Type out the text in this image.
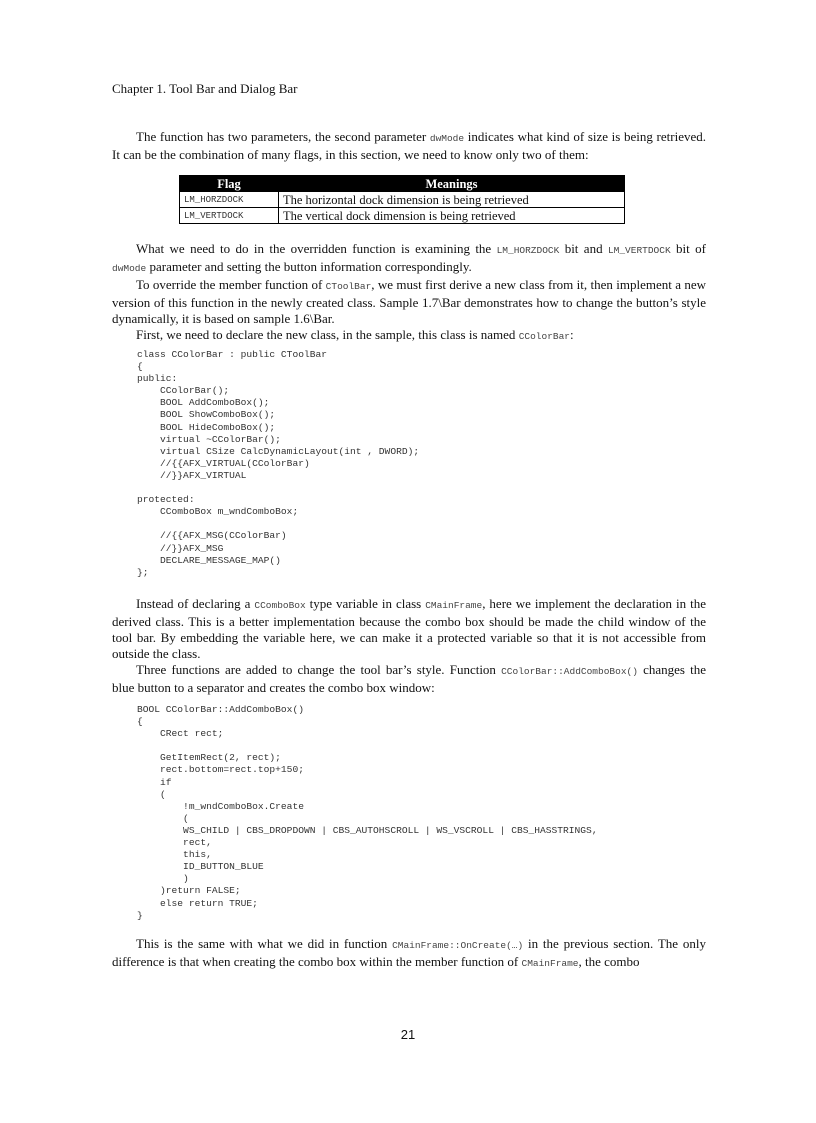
Chapter 1. Tool Bar and Dialog Bar

The function has two parameters, the second parameter dwMode indicates what kind of size is being retrieved. It can be the combination of many flags, in this section, we need to know only two of them:

Flag	Meanings
LM_HORZDOCK	The horizontal dock dimension is being retrieved
LM_VERTDOCK	The vertical dock dimension is being retrieved

What we need to do in the overridden function is examining the LM_HORZDOCK bit and LM_VERTDOCK bit of dwMode parameter and setting the button information correspondingly.

To override the member function of CToolBar, we must first derive a new class from it, then implement a new version of this function in the newly created class. Sample 1.7\Bar demonstrates how to change the button’s style dynamically, it is based on sample 1.6\Bar.

First, we need to declare the new class, in the sample, this class is named CColorBar:

class CColorBar : public CToolBar
{
public:
CColorBar();
BOOL AddComboBox();
BOOL ShowComboBox();
BOOL HideComboBox();
virtual ~CColorBar();
virtual CSize CalcDynamicLayout(int , DWORD);
//{{AFX_VIRTUAL(CColorBar)
//}}AFX_VIRTUAL

protected:
CComboBox m_wndComboBox;

//{{AFX_MSG(CColorBar)
//}}AFX_MSG
DECLARE_MESSAGE_MAP()
};

Instead of declaring a CComboBox type variable in class CMainFrame, here we implement the declaration in the derived class. This is a better implementation because the combo box should be made the child window of the tool bar. By embedding the variable here, we can make it a protected variable so that it is not accessible from outside the class.

Three functions are added to change the tool bar’s style. Function CColorBar::AddComboBox() changes the blue button to a separator and creates the combo box window:

BOOL CColorBar::AddComboBox()
{
CRect rect;

GetItemRect(2, rect);
rect.bottom=rect.top+150;
if
(
!m_wndComboBox.Create
(
WS_CHILD | CBS_DROPDOWN | CBS_AUTOHSCROLL | WS_VSCROLL | CBS_HASSTRINGS,
rect,
this,
ID_BUTTON_BLUE
)
)return FALSE;
else return TRUE;
}

This is the same with what we did in function CMainFrame::OnCreate(…) in the previous section. The only difference is that when creating the combo box within the member function of CMainFrame, the combo

21
